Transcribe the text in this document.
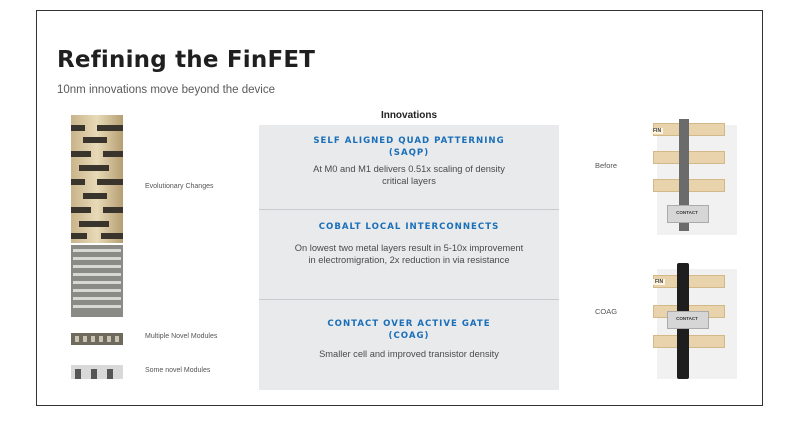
Refining the FinFET
10nm innovations move beyond the device
Evolutionary Changes
Multiple Novel Modules
Some novel Modules
Innovations
SELF ALIGNED QUAD PATTERNING
(SAQP)
At M0 and M1 delivers 0.51x scaling of density
critical layers
COBALT LOCAL INTERCONNECTS
On lowest two metal layers result in 5-10x improvement
in electromigration, 2x reduction in via resistance
CONTACT OVER ACTIVE GATE
(COAG)
Smaller cell and improved transistor density
Before
COAG
FIN
CONTACT
FIN
CONTACT
